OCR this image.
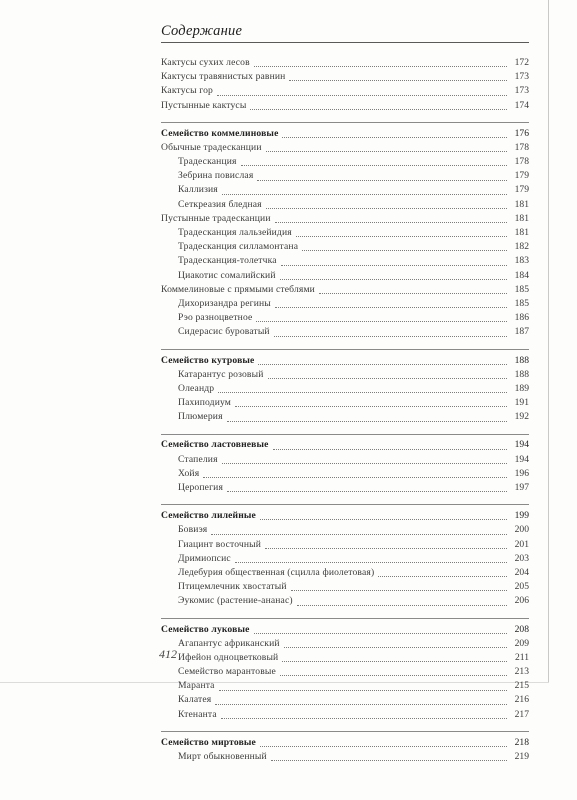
Содержание
Кактусы сухих лесов	172
Кактусы травянистых равнин	173
Кактусы гор	173
Пустынные кактусы	174
Семейство коммелиновые	176
Обычные традесканции	178
Традесканция	178
Зебрина повислая	179
Каллизия	179
Сеткреазия бледная	181
Пустынные традесканции	181
Традесканция лальзейидия	181
Традесканция силламонтана	182
Традесканция-толетчка	183
Циакотис сомалийский	184
Коммелиновые с прямыми стеблями	185
Дихоризандра регины	185
Рэо разноцветное	186
Сидерасис буроватый	187
Семейство кутровые	188
Катарантус розовый	188
Олеандр	189
Пахиподиум	191
Плюмерия	192
Семейство ластовневые	194
Стапелия	194
Хойя	196
Церопегия	197
Семейство лилейные	199
Бовиэя	200
Гиацинт восточный	201
Дримиопсис	203
Ледебурия общественная (сцилла фиолетовая)	204
Птицемлечник хвостатый	205
Эукомис (растение-ананас)	206
Семейство луковые	208
Агапантус африканский	209
Ифейон одноцветковый	211
Семейство марантовые	213
Маранта	215
Калатея	216
Ктенанта	217
Семейство миртовые	218
Мирт обыкновенный	219
412
